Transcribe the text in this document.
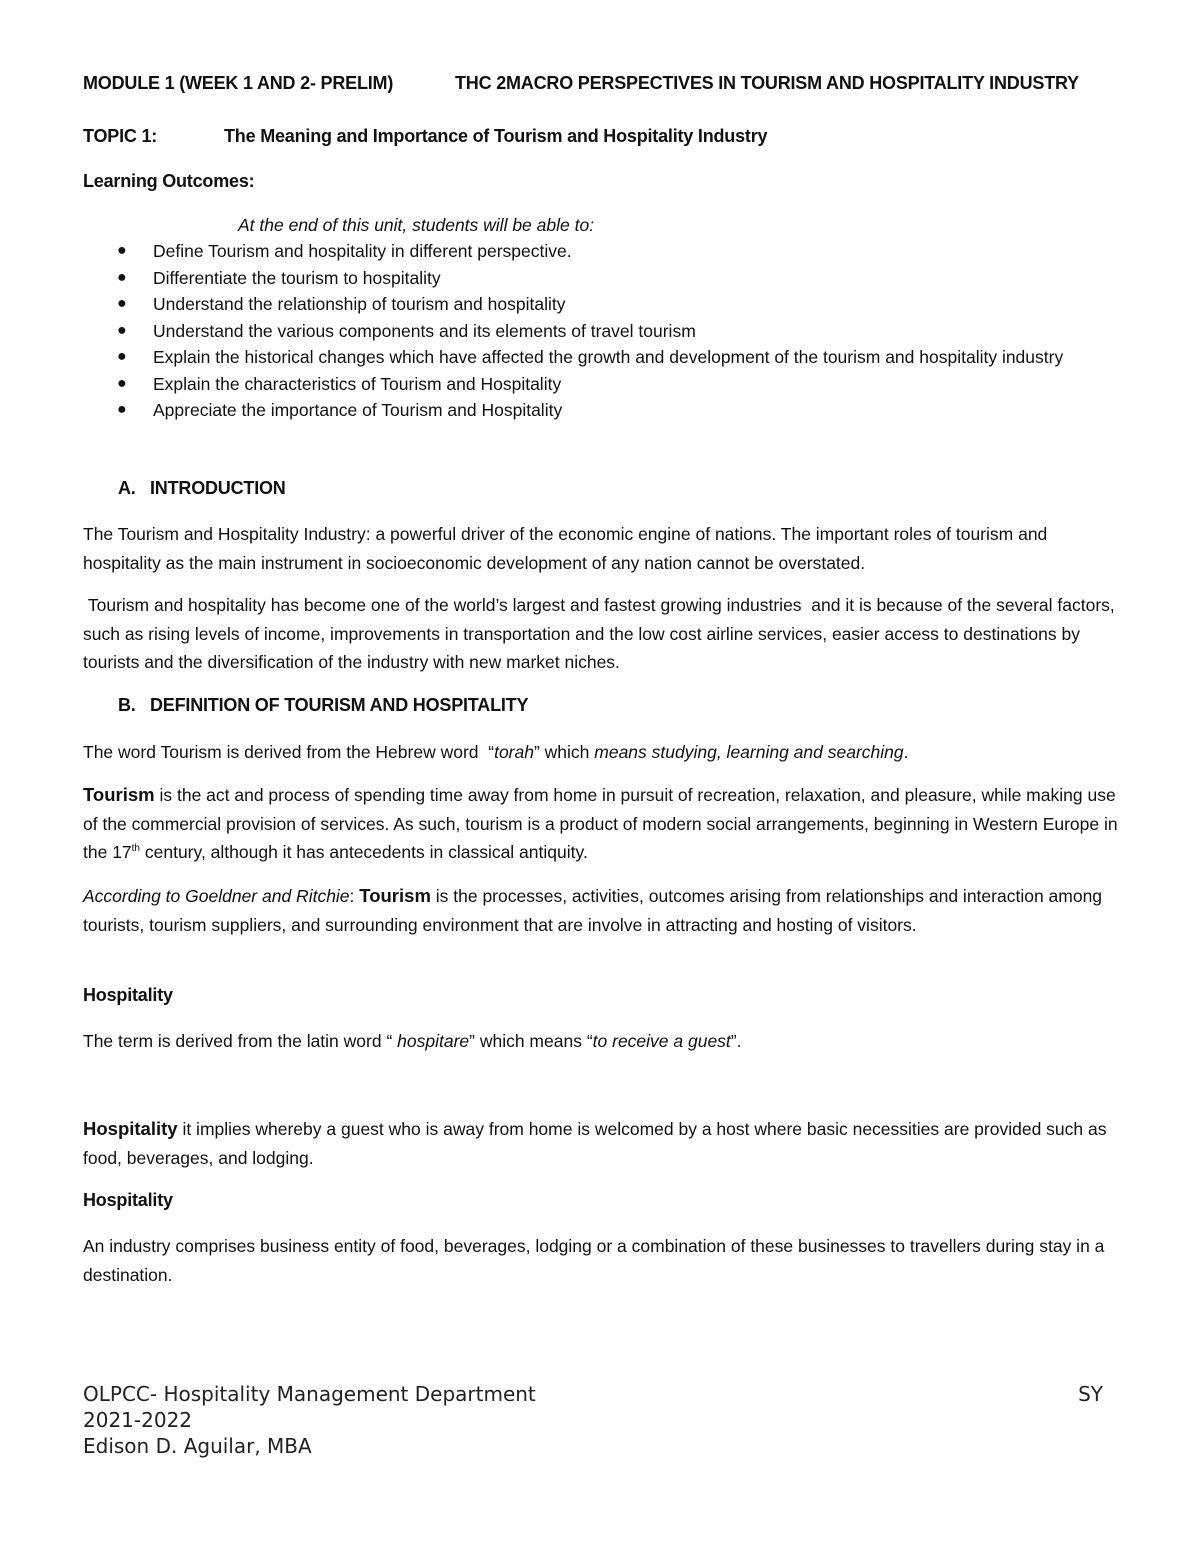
MODULE 1 (WEEK 1 AND 2- PRELIM)	THC 2MACRO PERSPECTIVES IN TOURISM AND HOSPITALITY INDUSTRY
TOPIC 1:	The Meaning and Importance of Tourism and Hospitality Industry
Learning Outcomes:
At the end of this unit, students will be able to:
● Define Tourism and hospitality in different perspective.
● Differentiate the tourism to hospitality
● Understand the relationship of tourism and hospitality
● Understand the various components and its elements of travel tourism
● Explain the historical changes which have affected the growth and development of the tourism and hospitality industry
● Explain the characteristics of Tourism and Hospitality
● Appreciate the importance of Tourism and Hospitality
A.   INTRODUCTION
The Tourism and Hospitality Industry: a powerful driver of the economic engine of nations. The important roles of tourism and hospitality as the main instrument in socioeconomic development of any nation cannot be overstated.
Tourism and hospitality has become one of the world’s largest and fastest growing industries  and it is because of the several factors, such as rising levels of income, improvements in transportation and the low cost airline services, easier access to destinations by tourists and the diversification of the industry with new market niches.
B.   DEFINITION OF TOURISM AND HOSPITALITY
The word Tourism is derived from the Hebrew word  “torah” which means studying, learning and searching.
Tourism is the act and process of spending time away from home in pursuit of recreation, relaxation, and pleasure, while making use of the commercial provision of services. As such, tourism is a product of modern social arrangements, beginning in Western Europe in the 17th century, although it has antecedents in classical antiquity.
According to Goeldner and Ritchie: Tourism is the processes, activities, outcomes arising from relationships and interaction among tourists, tourism suppliers, and surrounding environment that are involve in attracting and hosting of visitors.
Hospitality
The term is derived from the latin word “ hospitare” which means “to receive a guest”.
Hospitality it implies whereby a guest who is away from home is welcomed by a host where basic necessities are provided such as food, beverages, and lodging.
Hospitality
An industry comprises business entity of food, beverages, lodging or a combination of these businesses to travellers during stay in a destination.
OLPCC- Hospitality Management Department	SY
2021-2022
Edison D. Aguilar, MBA
